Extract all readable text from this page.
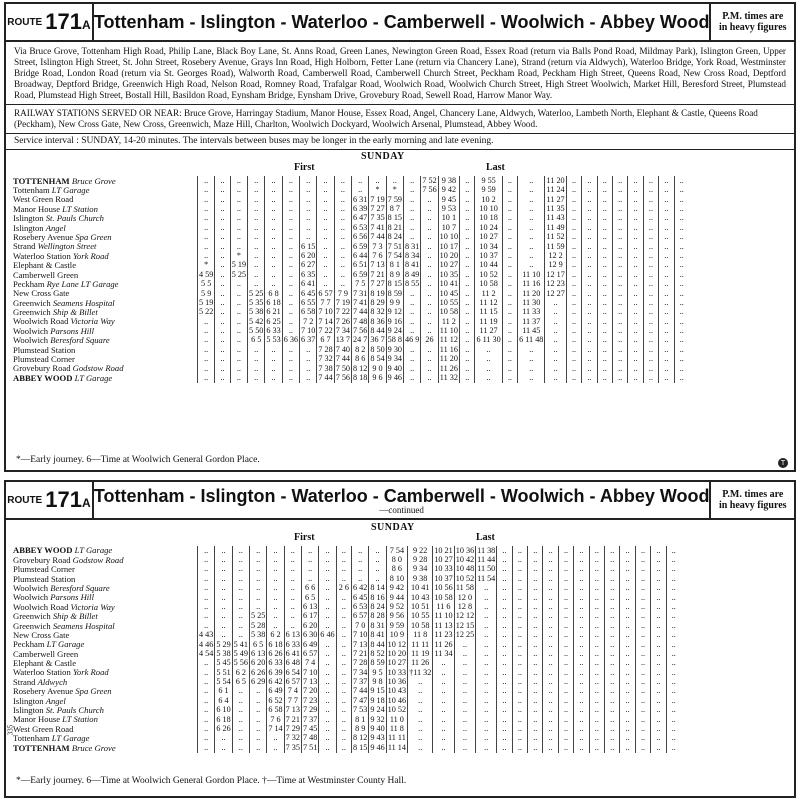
ROUTE 171 A Tottenham - Islington - Waterloo - Camberwell - Woolwich - Abbey Wood	P.M. times are
in heavy figures
Via Bruce Grove, Tottenham High Road, Philip Lane, Black Boy Lane, St. Anns Road, Green Lanes, Newington Green Road, Essex Road (return via Balls Pond Road, Mildmay Park), Islington Green, Upper Street, Islington High Street, St. John Street, Rosebery Avenue, Grays Inn Road, High Holborn, Fetter Lane (return via Chancery Lane), Strand (return via Aldwych), Waterloo Bridge, York Road, Westminster Bridge Road, London Road (return via St. Georges Road), Walworth Road, Camberwell Road, Camberwell Church Street, Peckham Road, Peckham High Street, Queens Road, New Cross Road, Deptford Broadway, Deptford Bridge, Greenwich High Road, Nelson Road, Romney Road, Trafalgar Road, Woolwich Road, Woolwich Church Street, High Street Woolwich, Market Hill, Beresford Street, Plumstead Road, Plumstead High Street, Bostall Hill, Basildon Road, Eynsham Bridge, Eynsham Drive, Grovebury Road, Sewell Road, Harrow Manor Way.
RAILWAY STATIONS SERVED OR NEAR: Bruce Grove, Harringay Stadium, Manor House, Essex Road, Angel, Chancery Lane, Aldwych, Waterloo, Lambeth North, Elephant & Castle, Queens Road (Peckham), New Cross Gate, New Cross, Greenwich, Maze Hill, Charlton, Woolwich Dockyard, Woolwich Arsenal, Plumstead, Abbey Wood.
Service interval : SUNDAY, 14-20 minutes. The intervals between buses may be longer in the early morning and late evening.
SUNDAY
First	Last
TOTTENHAM Bruce Grove	..	..	..	..	..	..	..	..	..	..	..	..	..	7 52	9 38	..	9 55	..	..	11 20	..	..	..	..	..	..	..	..
Tottenham LT Garage	..	..	..	..	..	..	..	..	..	..	*	*	..	7 56	9 42	..	9 59	..	..	11 24	..	..	..	..	..	..	..	..
West Green Road	..	..	..	..	..	..	..	..	..	6 31	7 19	7 59	..	..	9 45	..	10 2	..	..	11 27	..	..	..	..	..	..	..	..
Manor House LT Station	..	..	..	..	..	..	..	..	..	6 39	7 27	8 7	..	..	9 53	..	10 10	..	..	11 35	..	..	..	..	..	..	..	..
Islington St. Pauls Church	..	..	..	..	..	..	..	..	..	6 47	7 35	8 15	..	..	10 1	..	10 18	..	..	11 43	..	..	..	..	..	..	..	..
Islington Angel	..	..	..	..	..	..	..	..	..	6 53	7 41	8 21	..	..	10 7	..	10 24	..	..	11 49	..	..	..	..	..	..	..	..
Rosebery Avenue Spa Green	..	..	..	..	..	..	..	..	..	6 56	7 44	8 24	..	..	10 10	..	10 27	..	..	11 52	..	..	..	..	..	..	..	..
Strand Wellington Street	..	..	..	..	..	..	6 15	..	..	6 59	7 3	7 51	8 31	..	10 17	..	10 34	..	..	11 59	..	..	..	..	..	..	..	..
Waterloo Station York Road	..	..	*	..	..	..	6 20	..	..	6 44	7 6	7 54	8 34	..	10 20	..	10 37	..	..	12 2	..	..	..	..	..	..	..	..
Elephant & Castle	*	..	5 19	..	..	..	6 27	..	..	6 51	7 13	8 1	8 41	..	10 27	..	10 44	..	..	12 9	..	..	..	..	..	..	..	..
Camberwell Green	4 59	..	5 25	..	..	..	6 35	..	..	6 59	7 21	8 9	8 49	..	10 35	..	10 52	..	11 10	12 17	..	..	..	..	..	..	..	..
Peckham Rye Lane LT Garage	5 5	..	..	..	..	..	6 41	..	..	7 5	7 27	8 15	8 55	..	10 41	..	10 58	..	11 16	12 23	..	..	..	..	..	..	..	..
New Cross Gate	5 9	..	..	5 25	6 8	..	6 45	6 57	7 9	7 31	8 19	8 59	..	..	10 45	..	11 2	..	11 20	12 27	..	..	..	..	..	..	..	..
Greenwich Seamens Hospital	5 19	..	..	5 35	6 18	..	6 55	7 7	7 19	7 41	8 29	9 9	..	..	10 55	..	11 12	..	11 30	..	..	..	..	..	..	..	..	..
Greenwich Ship & Billet	5 22	..	..	5 38	6 21	..	6 58	7 10	7 22	7 44	8 32	9 12	..	..	10 58	..	11 15	..	11 33	..	..	..	..	..	..	..	..	..
Woolwich Road Victoria Way	..	..	..	5 42	6 25	..	7 2	7 14	7 26	7 48	8 36	9 16	..	..	11 2	..	11 19	..	11 37	..	..	..	..	..	..	..	..	..
Woolwich Parsons Hill	..	..	..	5 50	6 33	..	7 10	7 22	7 34	7 56	8 44	9 24	..	..	11 10	..	11 27	..	11 45	..	..	..	..	..	..	..	..	..
Woolwich Beresford Square	..	..	..	6 5	5 53	6 36	6 37	6 7	13 7	24 7	36 7	58 8	46 9	26	11 12	..	6 11 30	..	6 11 48	..	..	..	..	..	..	..	..	..
Plumstead Station	..	..	..	..	..	..	..	7 28	7 40	8 2	8 50	9 30	..	..	11 16	..	..	..	..	..	..	..	..	..	..	..	..	..
Plumstead Corner	..	..	..	..	..	..	..	7 32	7 44	8 6	8 54	9 34	..	..	11 20	..	..	..	..	..	..	..	..	..	..	..	..	..
Grovebury Road Godstow Road	..	..	..	..	..	..	..	7 38	7 50	8 12	9 0	9 40	..	..	11 26	..	..	..	..	..	..	..	..	..	..	..	..	..
ABBEY WOOD LT Garage	..	..	..	..	..	..	..	7 44	7 56	8 18	9 6	9 46	..	..	11 32	..	..	..	..	..	..	..	..	..	..	..	..	..
*—Early journey. 6—Time at Woolwich General Gordon Place.	T
ROUTE 171 A Tottenham - Islington - Waterloo - Camberwell - Woolwich - Abbey Wood
—continued
P.M. times are
in heavy figures
SUNDAY
First	Last
ABBEY WOOD LT Garage	..	..	..	..	..	..	..	..	..	..	..	7 54	9 22	10 21	10 36	11 38	..	..	..	..	..	..	..	..	..	..	..	..
Grovebury Road Godstow Road	..	..	..	..	..	..	..	..	..	..	..	8 0	9 28	10 27	10 42	11 44	..	..	..	..	..	..	..	..	..	..	..	..
Plumstead Corner	..	..	..	..	..	..	..	..	..	..	..	8 6	9 34	10 33	10 48	11 50	..	..	..	..	..	..	..	..	..	..	..	..
Plumstead Station	..	..	..	..	..	..	..	..	..	..	..	8 10	9 38	10 37	10 52	11 54	..	..	..	..	..	..	..	..	..	..	..	..
Woolwich Beresford Square	..	..	..	..	..	..	6 6	..	2 6	6 42	8 14	9 42	10 41	10 56	11 58	..	..	..	..	..	..	..	..	..	..	..	..	..
Woolwich Parsons Hill	..	..	..	..	..	..	6 5	..	..	6 45	8 16	9 44	10 43	10 58	12 0	..	..	..	..	..	..	..	..	..	..	..	..	..
Woolwich Road Victoria Way	..	..	..	..	..	..	6 13	..	..	6 53	8 24	9 52	10 51	11 6	12 8	..	..	..	..	..	..	..	..	..	..	..	..	..
Greenwich Ship & Billet	..	..	..	5 25	..	..	6 17	..	..	6 57	8 28	9 56	10 55	11 10	12 12	..	..	..	..	..	..	..	..	..	..	..	..	..
Greenwich Seamens Hospital	..	..	..	5 28	..	..	6 20	..	..	7 0	8 31	9 59	10 58	11 13	12 15	..	..	..	..	..	..	..	..	..	..	..	..	..
New Cross Gate	4 43	..	..	5 38	6 2	6 13	6 30	6 46	..	7 10	8 41	10 9	11 8	11 23	12 25	..	..	..	..	..	..	..	..	..	..	..	..	..
Peckham LT Garage	4 46	5 29	5 41	6 5	6 18	6 33	6 49	..	..	7 13	8 44	10 12	11 11	11 26	..	..	..	..	..	..	..	..	..	..	..	..	..	..
Camberwell Green	4 54	5 38	5 49	6 13	6 26	6 41	6 57	..	..	7 21	8 52	10 20	11 19	11 34	..	..	..	..	..	..	..	..	..	..	..	..	..	..
Elephant & Castle	..	5 45	5 56	6 20	6 33	6 48	7 4	..	..	7 28	8 59	10 27	11 26	..	..	..	..	..	..	..	..	..	..	..	..	..	..	..
Waterloo Station York Road	..	5 51	6 2	6 26	6 39	6 54	7 10	..	..	7 34	9 5	10 33	†11 32	..	..	..	..	..	..	..	..	..	..	..	..	..	..	..
Strand Aldwych	..	5 54	6 5	6 29	6 42	6 57	7 13	..	..	7 37	9 8	10 36	..	..	..	..	..	..	..	..	..	..	..	..	..	..	..	..
Rosebery Avenue Spa Green	..	6 1	..	..	6 49	7 4	7 20	..	..	7 44	9 15	10 43	..	..	..	..	..	..	..	..	..	..	..	..	..	..	..	..
Islington Angel	..	6 4	..	..	6 52	7 7	7 23	..	..	7 47	9 18	10 46	..	..	..	..	..	..	..	..	..	..	..	..	..	..	..	..
Islington St. Pauls Church	..	6 10	..	..	6 58	7 13	7 29	..	..	7 53	9 24	10 52	..	..	..	..	..	..	..	..	..	..	..	..	..	..	..	..
Manor House LT Station	..	6 18	..	..	7 6	7 21	7 37	..	..	8 1	9 32	11 0	..	..	..	..	..	..	..	..	..	..	..	..	..	..	..	..
West Green Road	..	6 26	..	..	7 14	7 29	7 45	..	..	8 9	9 40	11 8	..	..	..	..	..	..	..	..	..	..	..	..	..	..	..	..
Tottenham LT Garage	..	..	..	..	..	7 32	7 48	..	..	8 12	9 43	11 11	..	..	..	..	..	..	..	..	..	..	..	..	..	..	..	..
TOTTENHAM Bruce Grove	..	..	..	..	..	7 35	7 51	..	..	8 15	9 46	11 14	..	..	..	..	..	..	..	..	..	..	..	..	..	..	..	..
*—Early journey. 6—Time at Woolwich General Gordon Place. †—Time at Westminster County Hall.
335
